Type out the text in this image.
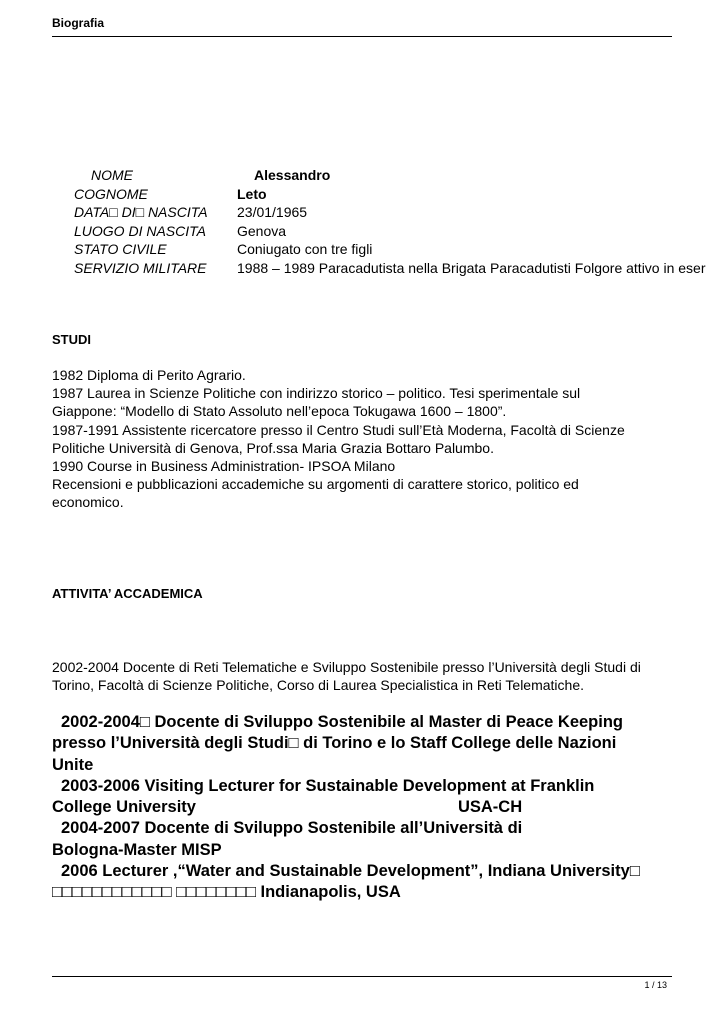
Biografia
NOME	Alessandro
COGNOME	Leto
DATA□ DI□ NASCITA 23/01/1965
LUOGO DI NASCITA Genova
STATO CIVILE	Coniugato con tre figli
SERVIZIO MILITARE 1988 – 1989 Paracadutista nella Brigata Paracadutisti Folgore attivo in eser
STUDI

1982 Diploma di Perito Agrario.

1987 Laurea in Scienze Politiche con indirizzo storico – politico. Tesi sperimentale sul

Giappone: “Modello di Stato Assoluto nell’epoca Tokugawa 1600 – 1800”.

1987-1991 Assistente ricercatore presso il Centro Studi sull’Età Moderna, Facoltà di Scienze

Politiche Università di Genova, Prof.ssa Maria Grazia Bottaro Palumbo.

1990 Course in Business Administration- IPSOA Milano

Recensioni e pubblicazioni accademiche su argomenti di carattere storico, politico ed

economico.

ATTIVITA’ ACCADEMICA

2002-2004 Docente di Reti Telematiche e Sviluppo Sostenibile presso l’Università degli Studi di

Torino, Facoltà di Scienze Politiche, Corso di Laurea Specialistica in Reti Telematiche.

2002-2004□ Docente di Sviluppo Sostenibile al Master di Peace Keeping

presso l’Università degli Studi□ di Torino e lo Staff College delle Nazioni

Unite

2003-2006 Visiting Lecturer for Sustainable Development at Franklin

College University	USA-CH

2004-2007 Docente di Sviluppo Sostenibile all’Università di

Bologna-Master MISP

2006 Lecturer ,“Water and Sustainable Development”, Indiana University□

□□□□□□□□□□□□ □□□□□□□□ Indianapolis, USA

1 / 13
